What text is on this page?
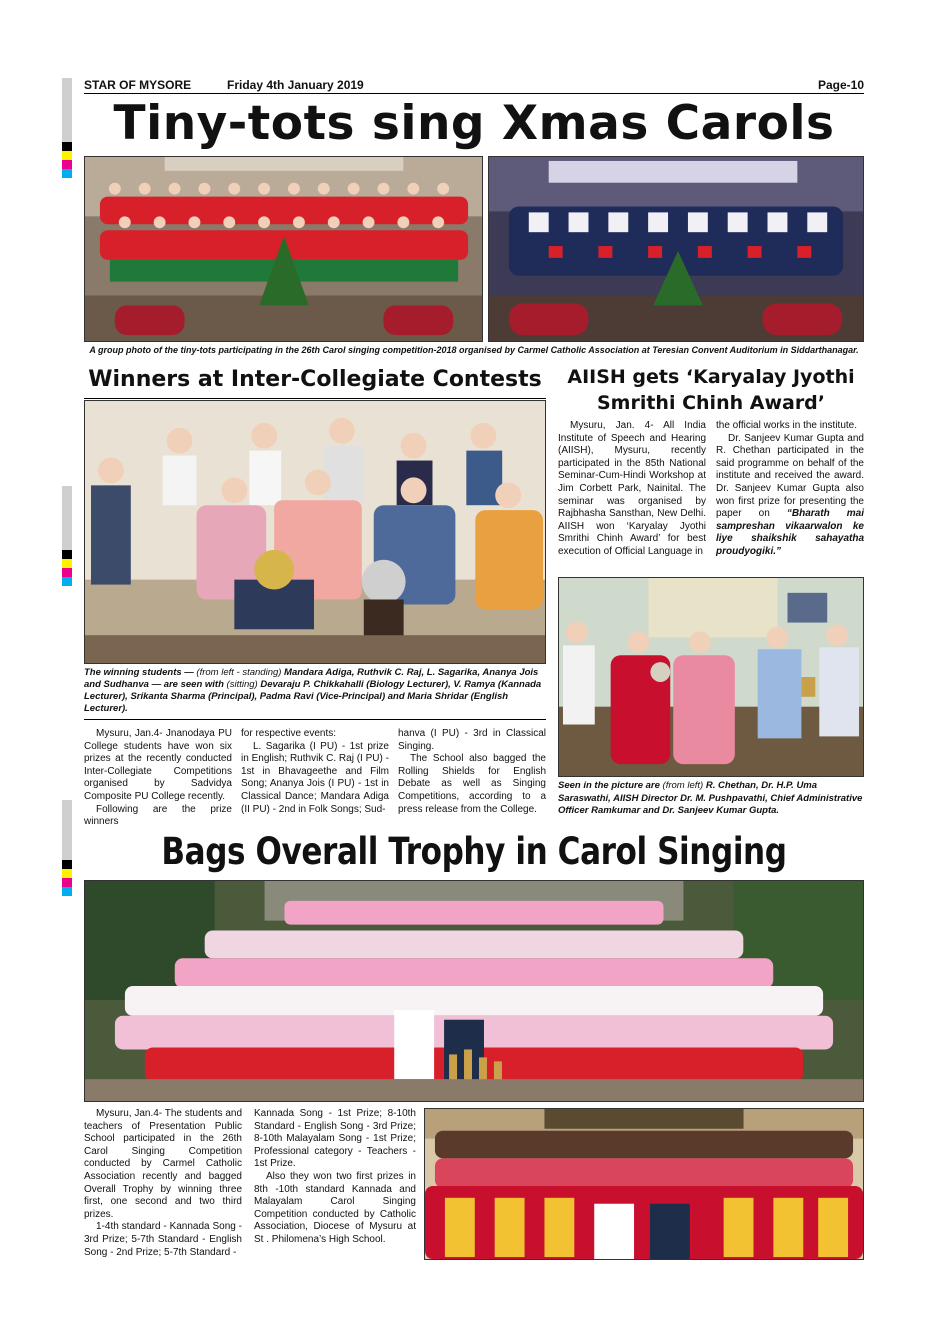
STAR OF MYSORE	Friday 4th January 2019	Page-10
Tiny-tots sing Xmas Carols
A group photo of the tiny-tots participating in the 26th Carol singing competition-2018 organised by Carmel Catholic Association at Teresian Convent Auditorium in Siddarthanagar.
Winners at Inter-Collegiate Contests
The winning students — (from left - standing) Mandara Adiga, Ruthvik C. Raj, L. Sagarika, Ananya Jois and Sudhanva — are seen with (sitting) Devaraju P. Chikkahalli (Biology Lecturer), V. Ramya (Kannada Lecturer), Srikanta Sharma (Principal), Padma Ravi (Vice-Principal) and Maria Shridar (English Lecturer).

Mysuru, Jan.4- Jnanodaya PU College students have won six prizes at the recently conducted Inter-Collegiate Competitions organised by Sadvidya Composite PU College recently.

Following are the prize winners

for respective events:

L. Sagarika (I PU) - 1st prize in English; Ruthvik C. Raj (I PU) - 1st in Bhavageethe and Film Song; Ananya Jois (I PU) - 1st in Classical Dance; Mandara Adiga (II PU) - 2nd in Folk Songs; Sud-

hanva (I PU) - 3rd in Classical Singing.

The School also bagged the Rolling Shields for English Debate as well as Singing Competitions, according to a press release from the College.

AIISH gets ‘Karyalay Jyothi Smrithi Chinh Award’

Mysuru, Jan. 4- All India Institute of Speech and Hearing (AIISH), Mysuru, recently participated in the 85th National Seminar-Cum-Hindi Workshop at Jim Corbett Park, Nainital. The seminar was organised by Rajbhasha Sansthan, New Delhi. AIISH won ‘Karyalay Jyothi Smrithi Chinh Award’ for best execution of Official Language in

the official works in the institute.

Dr. Sanjeev Kumar Gupta and R. Chethan participated in the said programme on behalf of the institute and received the award. Dr. Sanjeev Kumar Gupta also won first prize for presenting the paper on “Bharath mai sampreshan vikaarwalon ke liye shaikshik sahayatha proudyogiki.”

Seen in the picture are (from left) R. Chethan, Dr. H.P. Uma Saraswathi, AIISH Director Dr. M. Pushpavathi, Chief Administrative Officer Ramkumar and Dr. Sanjeev Kumar Gupta.
Bags Overall Trophy in Carol Singing

Mysuru, Jan.4- The students and teachers of Presentation Public School participated in the 26th Carol Singing Competition conducted by Carmel Catholic Association recently and bagged Overall Trophy by winning three first, one second and two third prizes.

1-4th standard - Kannada Song - 3rd Prize; 5-7th Standard - English Song - 2nd Prize; 5-7th Standard -

Kannada Song - 1st Prize; 8-10th Standard - English Song - 3rd Prize; 8-10th Malayalam Song - 1st Prize; Professional category - Teachers - 1st Prize.

Also they won two first prizes in 8th -10th standard Kannada and Malayalam Carol Singing Competition conducted by Catholic Association, Diocese of Mysuru at St . Philomena’s High School.
